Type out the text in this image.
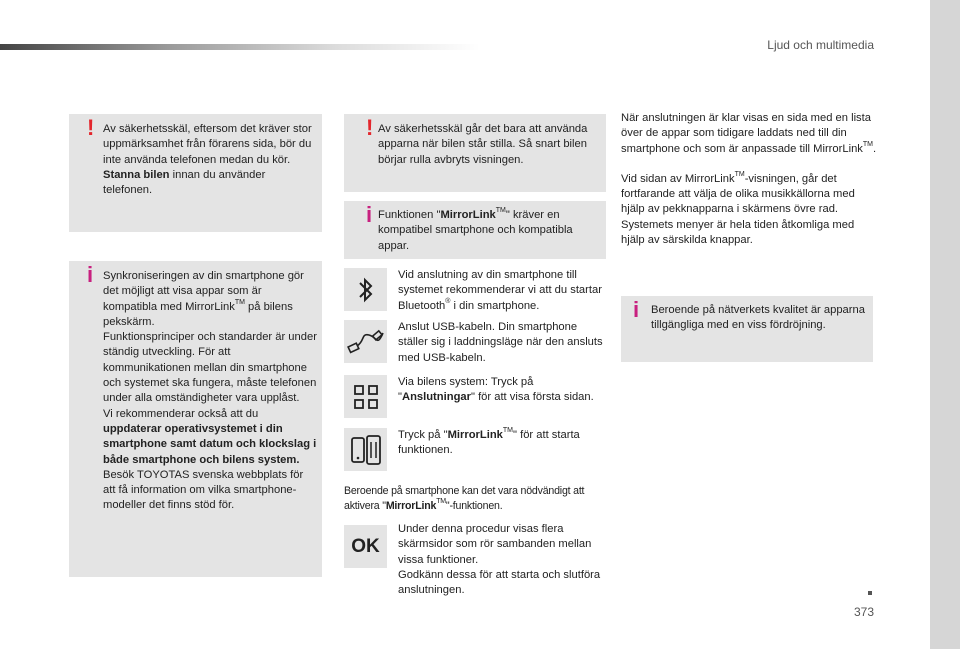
Ljud och multimedia
373
! Av säkerhetsskäl, eftersom det kräver stor uppmärksamhet från förarens sida, bör du inte använda telefonen medan du kör.
Stanna bilen innan du använder telefonen.

i Synkroniseringen av din smartphone gör det möjligt att visa appar som är kompatibla med MirrorLink™ på bilens pekskärm.

Funktionsprinciper och standarder är under ständig utveckling. För att kommunikationen mellan din smartphone och systemet ska fungera, måste telefonen under alla omständigheter vara upplåst.

Vi rekommenderar också att du uppdaterar operativsystemet i din smartphone samt datum och klockslag i både smartphone och bilens system.

Besök TOYOTAS svenska webbplats för att få information om vilka smartphone-modeller det finns stöd för.

! Av säkerhetsskäl går det bara att använda apparna när bilen står stilla. Så snart bilen börjar rulla avbryts visningen.

i Funktionen "MirrorLink™" kräver en kompatibel smartphone och kompatibla appar.

Vid anslutning av din smartphone till systemet rekommenderar vi att du startar Bluetooth® i din smartphone.
Anslut USB-kabeln. Din smartphone ställer sig i laddningsläge när den ansluts med USB-kabeln.
Via bilens system: Tryck på "Anslutningar" för att visa första sidan.
Tryck på "MirrorLink™" för att starta funktionen.

Beroende på smartphone kan det vara nödvändigt att aktivera "MirrorLink™"-funktionen.

OK
Under denna procedur visas flera skärmsidor som rör sambanden mellan vissa funktioner.
Godkänn dessa för att starta och slutföra anslutningen.

När anslutningen är klar visas en sida med en lista över de appar som tidigare laddats ned till din smartphone och som är anpassade till MirrorLink™.

Vid sidan av MirrorLink™-visningen, går det fortfarande att välja de olika musikkällorna med hjälp av pekknapparna i skärmens övre rad. Systemets menyer är hela tiden åtkomliga med hjälp av särskilda knappar.

i Beroende på nätverkets kvalitet är apparna tillgängliga med en viss fördröjning.
